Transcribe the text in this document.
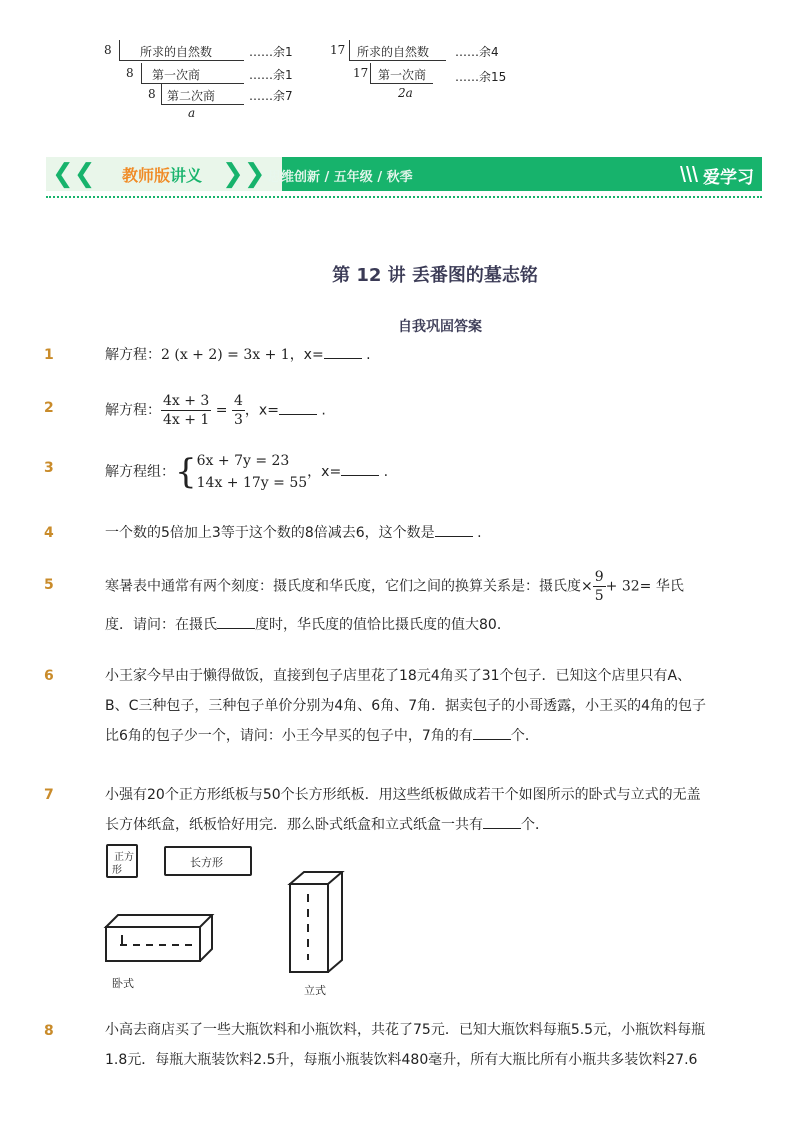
8 所求的自然数	……余1
8 第一次商	……余1
8 第二次商	……余7
a
17 所求的自然数 ……余4
17 第一次商 ……余15
2a
❮❮ 教师版 讲义 ❯❯ 思维创新 / 五年级 / 秋季	爱学习
第 12 讲 丢番图的墓志铭
自我巩固答案
1	解方程：2 (x + 2) = 3x + 1，x=	.
2	解方程： $\frac{4x + 3}{4x + 1} = \frac{4}{3}$ ，x=	.
3	解方程组：{ 6x + 7y = 23
14x + 17y = 55
，x=	.
4	一个数的5倍加上3等于这个数的8倍减去6，这个数是	.
5	寒暑表中通常有两个刻度：摄氏度和华氏度，它们之间的换算关系是：摄氏度× $\frac{9}{5} + 32=$ 华氏
度．请问：在摄氏	度时，华氏度的值恰比摄氏度的值大80．
6	小王家今早由于懒得做饭，直接到包子店里花了18元4角买了31个包子．已知这个店里只有A、
B、C三种包子，三种包子单价分别为4角、6角、7角．据卖包子的小哥透露，小王买的4角的包子
比6角的包子少一个，请问：小王今早买的包子中，7角的有	个．
7	小强有20个正方形纸板与50个长方形纸板．用这些纸板做成若干个如图所示的卧式与立式的无盖
长方体纸盒，纸板恰好用完．那么卧式纸盒和立式纸盒一共有	个．
正方
形
长方形
卧式
立式
8	小高去商店买了一些大瓶饮料和小瓶饮料，共花了75元．已知大瓶饮料每瓶5.5元，小瓶饮料每瓶
1.8元．每瓶大瓶装饮料2.5升，每瓶小瓶装饮料480毫升，所有大瓶比所有小瓶共多装饮料27.6
